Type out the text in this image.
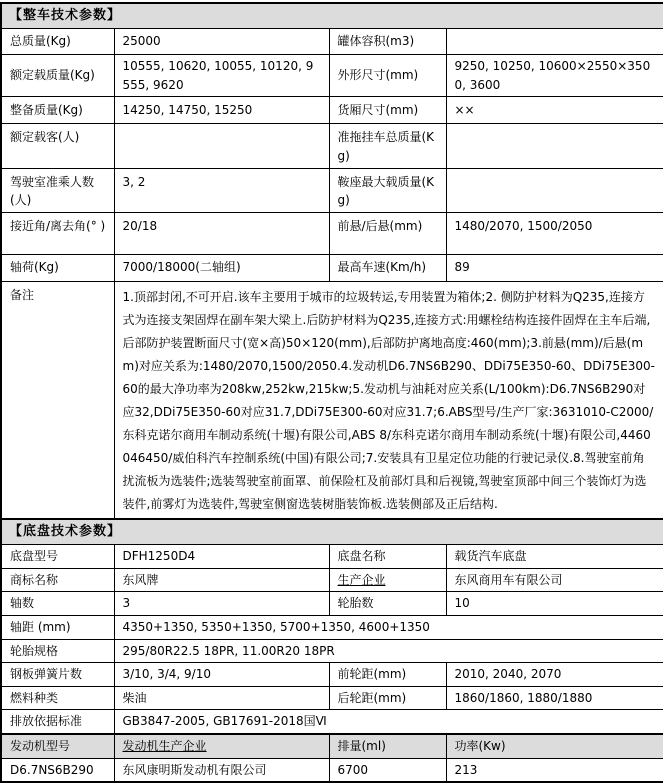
【整车技术参数】			
总质量(Kg)	25000	罐体容积(m3)	
额定载质量(Kg)	10555, 10620, 10055, 10120, 9555, 9620	外形尺寸(mm)	9250, 10250, 10600×2550×3500, 3600
整备质量(Kg)	14250, 14750, 15250	货厢尺寸(mm)	××
额定载客(人)		准拖挂车总质量(Kg)	
驾驶室准乘人数(人)	3, 2	鞍座最大载质量(Kg)	
接近角/离去角(° )	20/18	前悬/后悬(mm)	1480/2070, 1500/2050
轴荷(Kg)	7000/18000(二轴组)	最高车速(Km/h)	89
备注	1.顶部封闭,不可开启.该车主要用于城市的垃圾转运,专用装置为箱体;2. 侧防护材料为Q235,连接方式为连接支架固焊在副车架大梁上.后防护材料为Q235,连接方式:用螺栓结构连接件固焊在主车后端,后部防护装置断面尺寸(宽×高)50×120(mm),后部防护离地高度:460(mm);3.前悬(mm)/后悬(mm)对应关系为:1480/2070,1500/2050.4.发动机D6.7NS6B290、DDi75E350-60、DDi75E300-60的最大净功率为208kw,252kw,215kw;5.发动机与油耗对应关系(L/100km):D6.7NS6B290对应32,DDi75E350-60对应31.7,DDi75E300-60对应31.7;6.ABS型号/生产厂家:3631010-C2000/东科克诺尔商用车制动系统(十堰)有限公司,ABS 8/东科克诺尔商用车制动系统(十堰)有限公司,4460046450/威伯科汽车控制系统(中国)有限公司;7.安装具有卫星定位功能的行驶记录仪.8.驾驶室前角扰流板为选装件;选装驾驶室前面罩、前保险杠及前部灯具和后视镜,驾驶室顶部中间三个装饰灯为选装件,前雾灯为选装件,驾驶室侧窗选装树脂装饰板.选装侧部及正后结构.		
【底盘技术参数】			
底盘型号	DFH1250D4	底盘名称	载货汽车底盘
商标名称	东风牌	生产企业	东风商用车有限公司
轴数	3	轮胎数	10
轴距 (mm)	4350+1350, 5350+1350, 5700+1350, 4600+1350		
轮胎规格	295/80R22.5 18PR, 11.00R20 18PR		
钢板弹簧片数	3/10, 3/4, 9/10	前轮距(mm)	2010, 2040, 2070
燃料种类	柴油	后轮距(mm)	1860/1860, 1880/1880
排放依据标准	GB3847-2005, GB17691-2018国Ⅵ		
发动机型号	发动机生产企业	排量(ml)	功率(Kw)
D6.7NS6B290	东风康明斯发动机有限公司	6700	213
